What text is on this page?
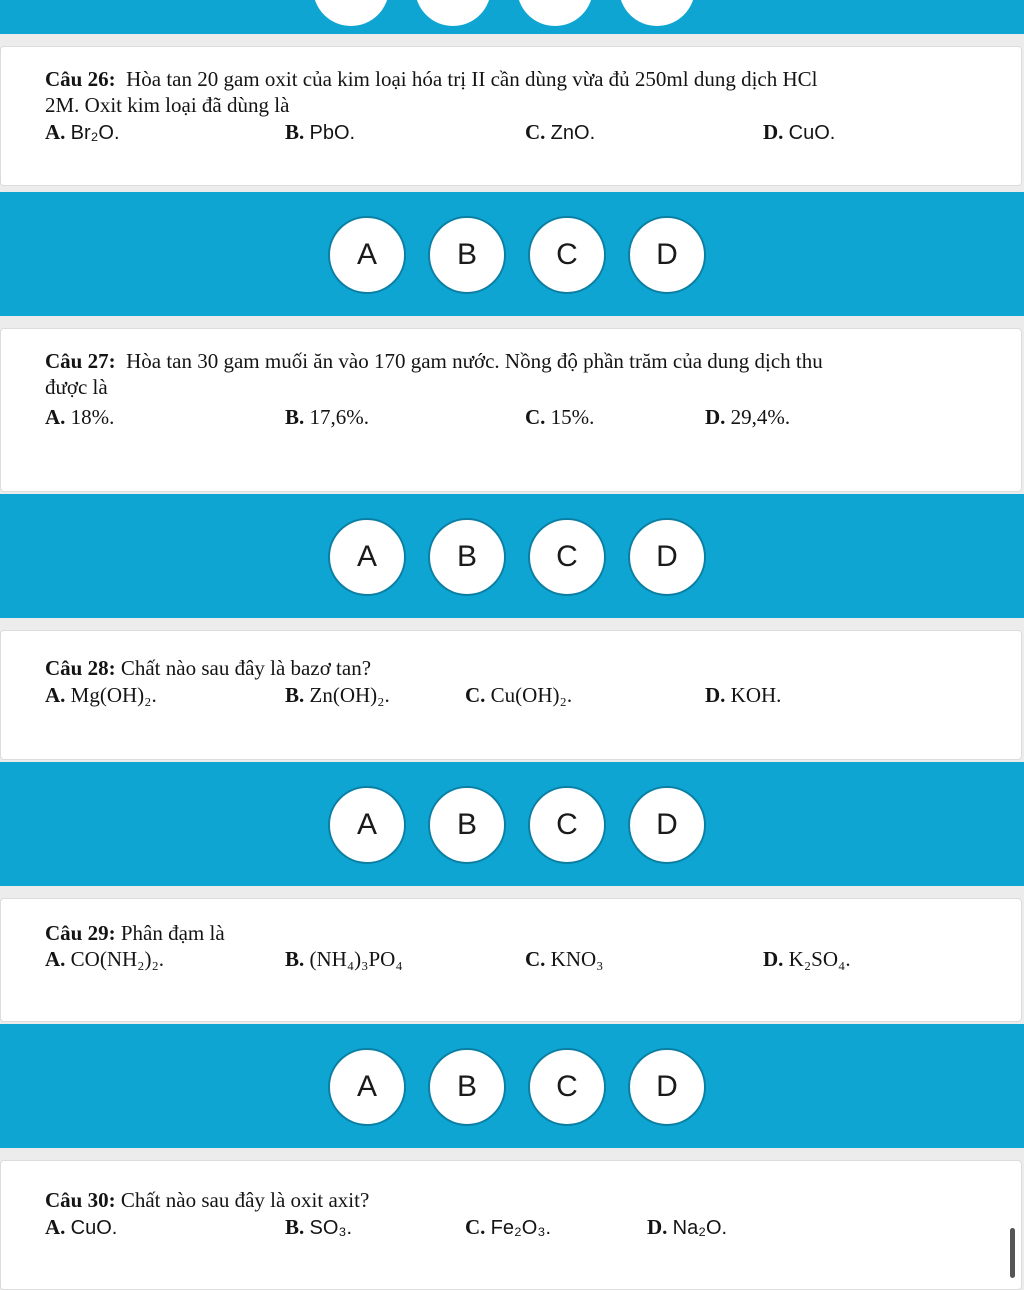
Câu 26: Hòa tan 20 gam oxit của kim loại hóa trị II cần dùng vừa đủ 250ml dung dịch HCl
2M. Oxit kim loại đã dùng là
A. Br₂O.	B. PbO.	C. ZnO.	D. CuO.
A	B	C	D
Câu 27: Hòa tan 30 gam muối ăn vào 170 gam nước. Nồng độ phần trăm của dung dịch thu
được là
A. 18%.	B. 17,6%.	C. 15%.	D. 29,4%.
A	B	C	D
Câu 28: Chất nào sau đây là bazơ tan?
A. Mg(OH)₂.	B. Zn(OH)₂.	C. Cu(OH)₂.	D. KOH.
A	B	C	D
Câu 29: Phân đạm là
A. CO(NH₂)₂.	B. (NH₄)₃PO₄	C. KNO₃	D. K₂SO₄.
A	B	C	D
Câu 30: Chất nào sau đây là oxit axit?
A. CuO.	B. SO₃.	C. Fe₂O₃.	D. Na₂O.
